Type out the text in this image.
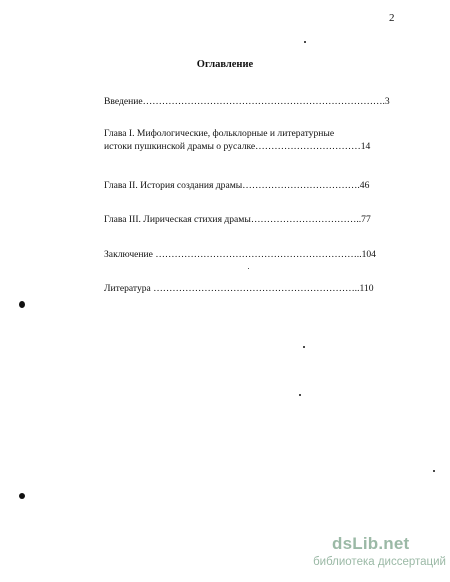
2
Оглавление
Введение………………………………………………………………….3
Глава I. Мифологические, фольклорные и литературные
истоки пушкинской драмы о русалке……………………………14
Глава II. История создания драмы……………………………….46
Глава III. Лирическая стихия драмы……………………………..77
Заключение ………………………………………………………..104
Литература ………………………………………………………..110
dsLib.net
библиотека диссертаций
